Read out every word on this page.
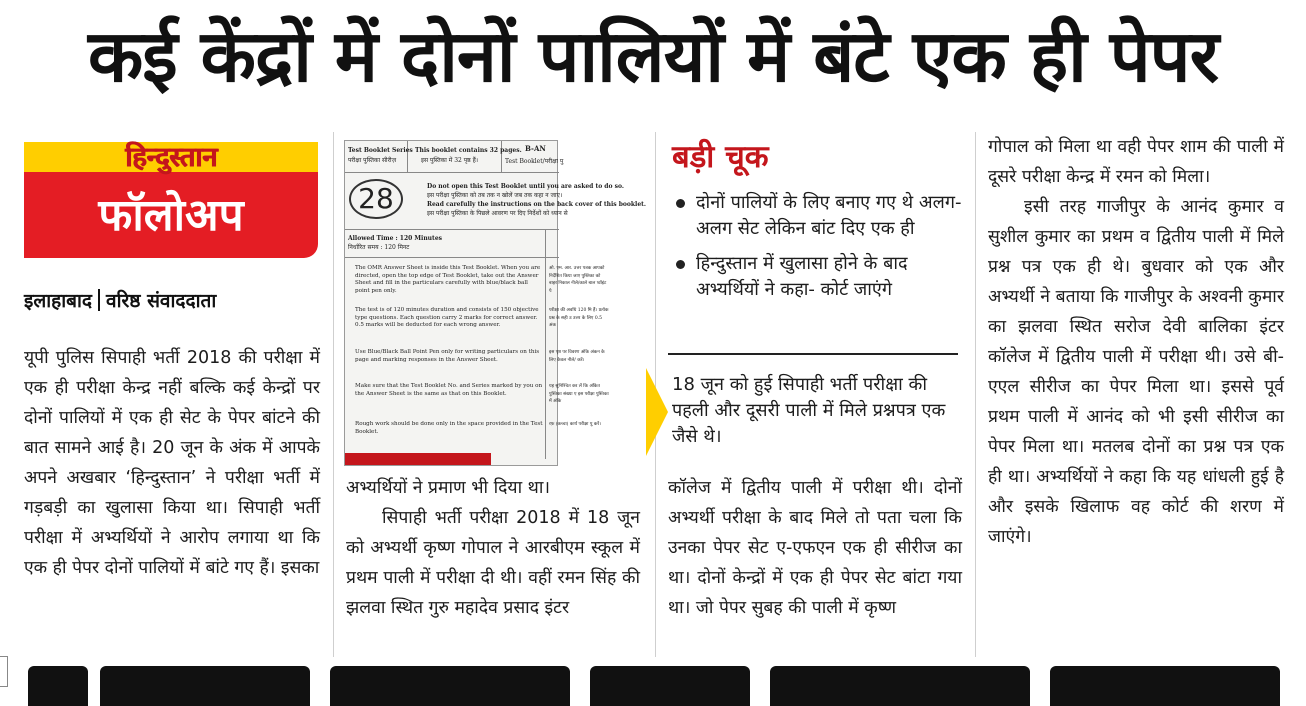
कई केंद्रों में दोनों पालियों में बंटे एक ही पेपर
हिन्दुस्तान
फॉलोअप
इलाहाबाद वरिष्ठ संवाददाता

यूपी पुलिस सिपाही भर्ती 2018 की परीक्षा में एक ही परीक्षा केन्द्र नहीं बल्कि कई केन्द्रों पर दोनों पालियों में एक ही सेट के पेपर बांटने की बात सामने आई है। 20 जून के अंक में आपके अपने अखबार ‘हिन्दुस्तान’ ने परीक्षा भर्ती में गड़बड़ी का खुलासा किया था। सिपाही भर्ती परीक्षा में अभ्यर्थियों ने आरोप लगाया था कि एक ही पेपर दोनों पालियों में बांटे गए हैं। इसका

Test Booklet Series
परीक्षा पुस्तिका सीरीज़
This booklet contains 32 pages.
इस पुस्तिका में 32 पृष्ठ हैं।
B-AN
Test Booklet/परीक्षा पु
28	Do not open this Test Booklet until you are asked to do so.
इस परीक्षा पुस्तिका को तब तक न खोलें जब तक कहा न जाए।
Read carefully the instructions on the back cover of this booklet.
इस परीक्षा पुस्तिका के पिछले आवरण पर दिए निर्देशों को ध्यान से
Allowed Time : 120 Minutes
निर्धारित समय : 120 मिनट
The OMR Answer Sheet is inside this Test Booklet. When you are directed, open the top edge of Test Booklet, take out the Answer Sheet and fill in the particulars carefully with blue/black ball point pen only.
The test is of 120 minutes duration and consists of 150 objective type questions. Each question carry 2 marks for correct answer. 0.5 marks will be deducted for each wrong answer.
Use Blue/Black Ball Point Pen only for writing particulars on this page and marking responses in the Answer Sheet.
Make sure that the Test Booklet No. and Series marked by you on the Answer Sheet is the same as that on this Booklet.
Rough work should be done only in the space provided in the Test Booklet.
ओ. एम. आर. उत्तर पत्रक आपको निर्देशित किया जाए पुस्तिका को बाहर निकाल नीले/काले बाल प्वॉइंट पे
परीक्षा की अवधि 120 मि हैं। प्रत्येक प्रश्न के सही उ उत्तर के लिए 0.5 अंक
इस पृष्ठ पर विवरण अंकि अंकन के लिए केवल नीले/ करें।
यह सुनिश्चित कर लें कि अंकित पुस्तिका संख्या ए इस परीक्षा पुस्तिका में अंकि
रफ़ (कच्चा) कार्य परीक्षा पु करें।

अभ्यर्थियों ने प्रमाण भी दिया था।

सिपाही भर्ती परीक्षा 2018 में 18 जून को अभ्यर्थी कृष्ण गोपाल ने आरबीएम स्कूल में प्रथम पाली में परीक्षा दी थी। वहीं रमन सिंह की झलवा स्थित गुरु महादेव प्रसाद इंटर

बड़ी चूक
दोनों पालियों के लिए बनाए गए थे अलग-अलग सेट लेकिन बांट दिए एक ही
हिन्दुस्तान में खुलासा होने के बाद अभ्यर्थियों ने कहा- कोर्ट जाएंगे
18 जून को हुई सिपाही भर्ती परीक्षा की पहली और दूसरी पाली में मिले प्रश्नपत्र एक जैसे थे।

कॉलेज में द्वितीय पाली में परीक्षा थी। दोनों अभ्यर्थी परीक्षा के बाद मिले तो पता चला कि उनका पेपर सेट ए-एफएन एक ही सीरीज का था। दोनों केन्द्रों में एक ही पेपर सेट बांटा गया था। जो पेपर सुबह की पाली में कृष्ण

गोपाल को मिला था वही पेपर शाम की पाली में दूसरे परीक्षा केन्द्र में रमन को मिला।

इसी तरह गाजीपुर के आनंद कुमार व सुशील कुमार का प्रथम व द्वितीय पाली में मिले प्रश्न पत्र एक ही थे। बुधवार को एक और अभ्यर्थी ने बताया कि गाजीपुर के अश्वनी कुमार का झलवा स्थित सरोज देवी बालिका इंटर कॉलेज में द्वितीय पाली में परीक्षा थी। उसे बी-एएल सीरीज का पेपर मिला था। इससे पूर्व प्रथम पाली में आनंद को भी इसी सीरीज का पेपर मिला था। मतलब दोनों का प्रश्न पत्र एक ही था। अभ्यर्थियों ने कहा कि यह धांधली हुई है और इसके खिलाफ वह कोर्ट की शरण में जाएंगे।
